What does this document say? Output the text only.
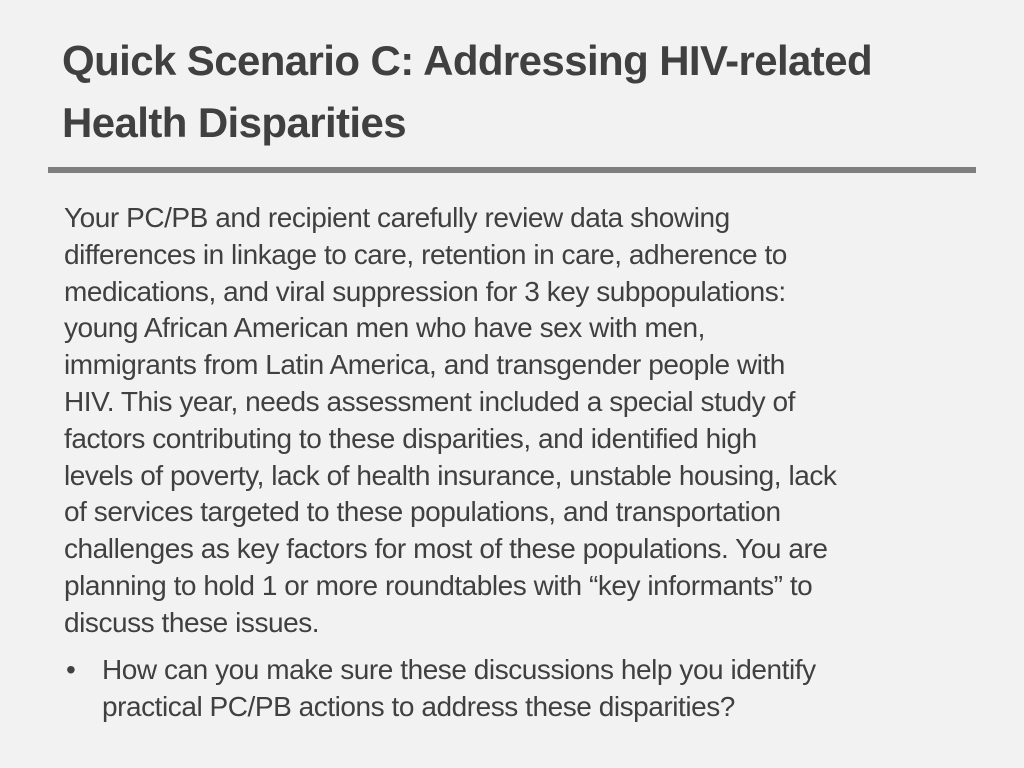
Quick Scenario C: Addressing HIV-related
Health Disparities

Your PC/PB and recipient carefully review data showing
differences in linkage to care, retention in care, adherence to
medications, and viral suppression for 3 key subpopulations:
young African American men who have sex with men,
immigrants from Latin America, and transgender people with
HIV. This year, needs assessment included a special study of
factors contributing to these disparities, and identified high
levels of poverty, lack of health insurance, unstable housing, lack
of services targeted to these populations, and transportation
challenges as key factors for most of these populations. You are
planning to hold 1 or more roundtables with “key informants” to
discuss these issues.

• How can you make sure these discussions help you identify
practical PC/PB actions to address these disparities?
